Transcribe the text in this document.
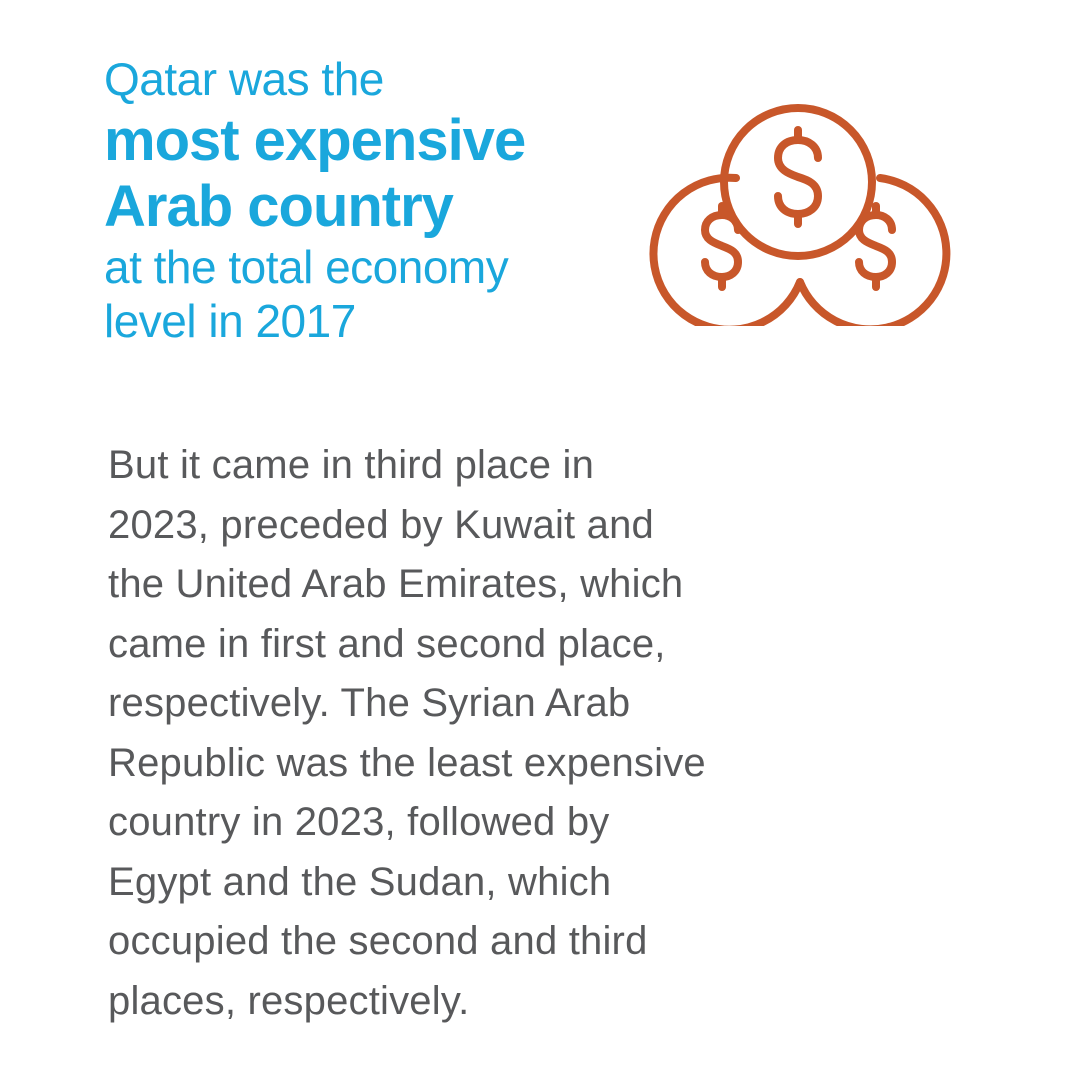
Qatar was the
most expensive
Arab country
at the total economy
level in 2017
But it came in third place in
2023, preceded by Kuwait and
the United Arab Emirates, which
came in first and second place,
respectively. The Syrian Arab
Republic was the least expensive
country in 2023, followed by
Egypt and the Sudan, which
occupied the second and third
places, respectively.
